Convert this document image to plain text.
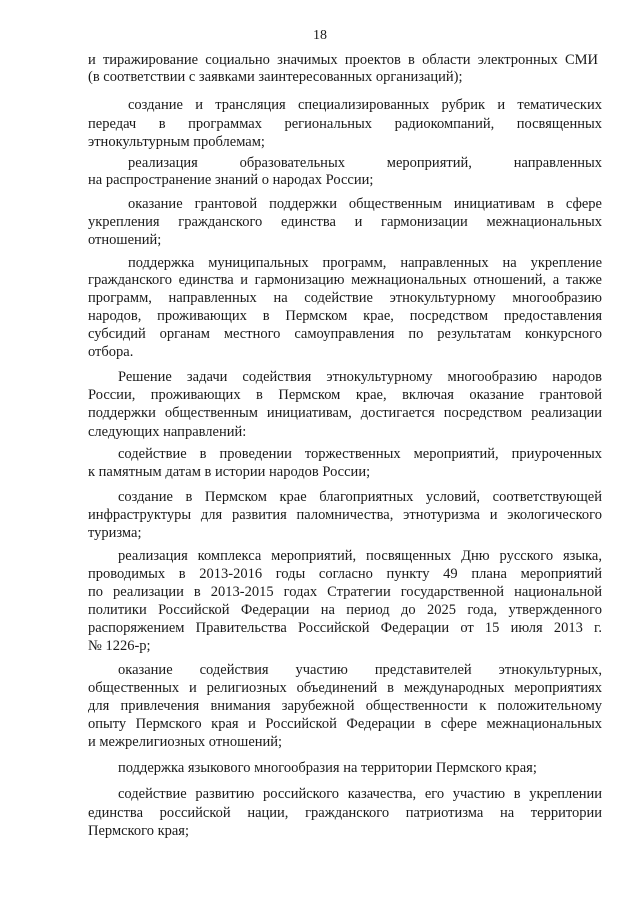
18
и тиражирование социально значимых проектов в области электронных СМИ
(в соответствии с заявками заинтересованных организаций);
создание и трансляция специализированных рубрик и тематических
передач в программах региональных радиокомпаний, посвященных
этнокультурным проблемам;
реализация образовательных мероприятий, направленных
на распространение знаний о народах России;
оказание грантовой поддержки общественным инициативам в сфере
укрепления гражданского единства и гармонизации межнациональных
отношений;
поддержка муниципальных программ, направленных на укрепление
гражданского единства и гармонизацию межнациональных отношений, а также
программ, направленных на содействие этнокультурному многообразию
народов, проживающих в Пермском крае, посредством предоставления
субсидий органам местного самоуправления по результатам конкурсного
отбора.
Решение задачи содействия этнокультурному многообразию народов
России, проживающих в Пермском крае, включая оказание грантовой
поддержки общественным инициативам, достигается посредством реализации
следующих направлений:
содействие в проведении торжественных мероприятий, приуроченных
к памятным датам в истории народов России;
создание в Пермском крае благоприятных условий, соответствующей
инфраструктуры для развития паломничества, этнотуризма и экологического
туризма;
реализация комплекса мероприятий, посвященных Дню русского языка,
проводимых в 2013-2016 годы согласно пункту 49 плана мероприятий
по реализации в 2013-2015 годах Стратегии государственной национальной
политики Российской Федерации на период до 2025 года, утвержденного
распоряжением Правительства Российской Федерации от 15 июля 2013 г.
№ 1226-р;
оказание содействия участию представителей этнокультурных,
общественных и религиозных объединений в международных мероприятиях
для привлечения внимания зарубежной общественности к положительному
опыту Пермского края и Российской Федерации в сфере межнациональных
и межрелигиозных отношений;
поддержка языкового многообразия на территории Пермского края;
содействие развитию российского казачества, его участию в укреплении
единства российской нации, гражданского патриотизма на территории
Пермского края;
